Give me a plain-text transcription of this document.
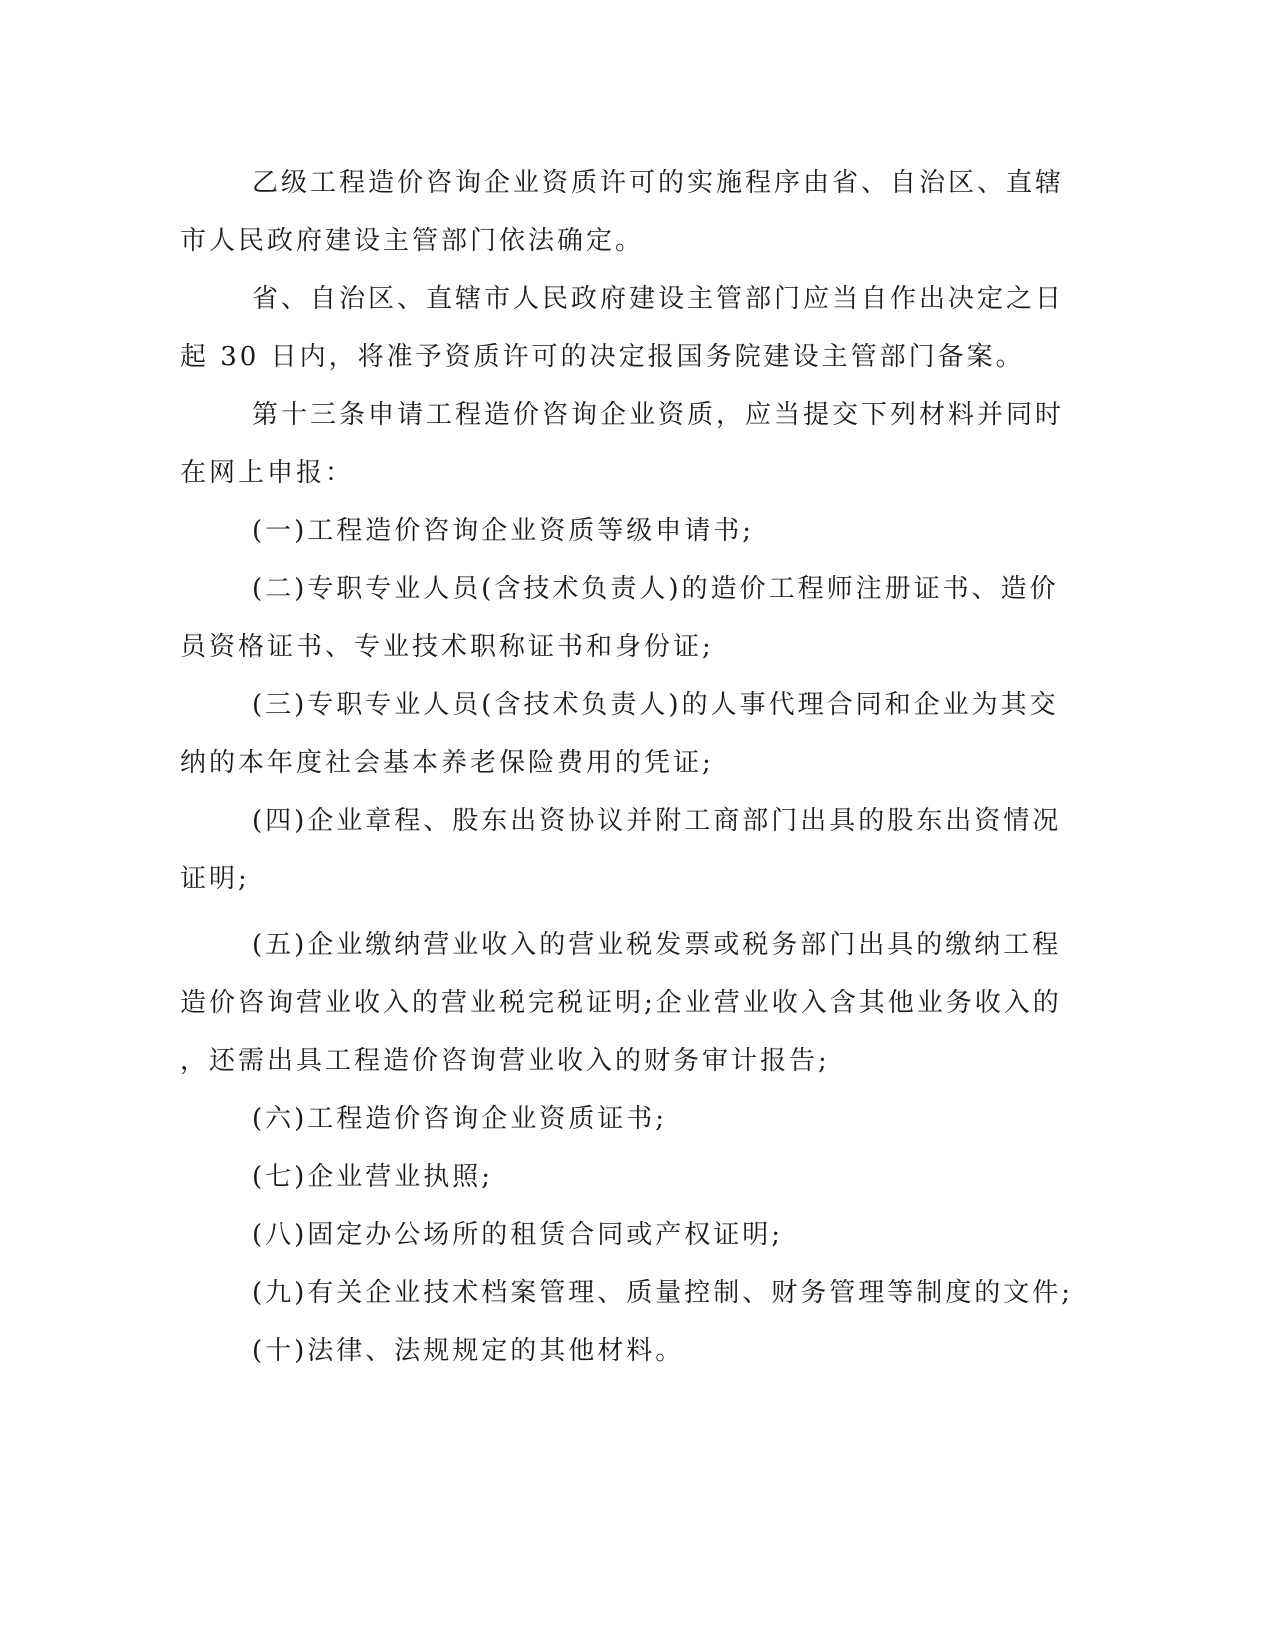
乙级工程造价咨询企业资质许可的实施程序由省、自治区、直辖
市人民政府建设主管部门依法确定。
省、自治区、直辖市人民政府建设主管部门应当自作出决定之日
起 30 日内，将准予资质许可的决定报国务院建设主管部门备案。
第十三条申请工程造价咨询企业资质，应当提交下列材料并同时
在网上申报：
(一)工程造价咨询企业资质等级申请书;
(二)专职专业人员(含技术负责人)的造价工程师注册证书、造价
员资格证书、专业技术职称证书和身份证;
(三)专职专业人员(含技术负责人)的人事代理合同和企业为其交
纳的本年度社会基本养老保险费用的凭证;
(四)企业章程、股东出资协议并附工商部门出具的股东出资情况
证明;
(五)企业缴纳营业收入的营业税发票或税务部门出具的缴纳工程
造价咨询营业收入的营业税完税证明;企业营业收入含其他业务收入的
，还需出具工程造价咨询营业收入的财务审计报告;
(六)工程造价咨询企业资质证书;
(七)企业营业执照;
(八)固定办公场所的租赁合同或产权证明;
(九)有关企业技术档案管理、质量控制、财务管理等制度的文件;
(十)法律、法规规定的其他材料。
